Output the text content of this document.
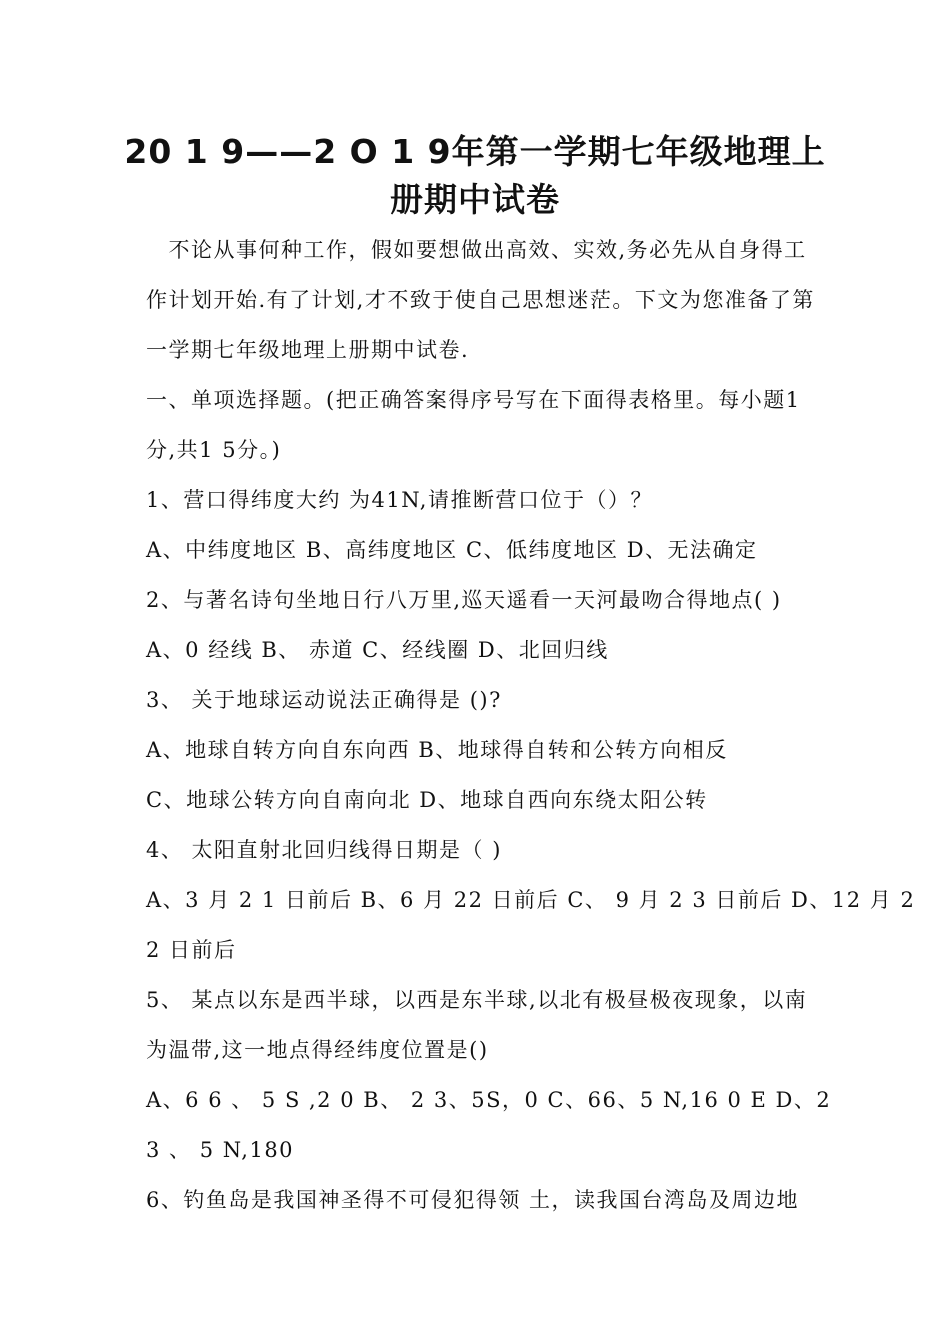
20 1 9——2 O 1 9年第一学期七年级地理上
册期中试卷
　不论从事何种工作，假如要想做出高效、实效,务必先从自身得工
作计划开始.有了计划,才不致于使自己思想迷茫。下文为您准备了第
一学期七年级地理上册期中试卷.
一、单项选择题。(把正确答案得序号写在下面得表格里。每小题1
分,共1 5分。)
1、营口得纬度大约 为41N,请推断营口位于（）？
A、中纬度地区 B、高纬度地区 C、低纬度地区 D、无法确定
2、与著名诗句坐地日行八万里,巡天遥看一天河最吻合得地点( )
A、0 经线 B、 赤道 C、经线圈 D、北回归线
3、 关于地球运动说法正确得是 ()?
A、地球自转方向自东向西 B、地球得自转和公转方向相反
C、地球公转方向自南向北 D、地球自西向东绕太阳公转
4、 太阳直射北回归线得日期是（ )
A、3 月 2 1 日前后 B、6 月 22 日前后 C、 9 月 2 3 日前后 D、12 月 2
2 日前后
5、 某点以东是西半球，以西是东半球,以北有极昼极夜现象，以南
为温带,这一地点得经纬度位置是()
A、6 6 、 5 S ,2 0 B、 2 3、5S，0 C、66、5 N,16 0 E D、2
3 、 5 N,180
6、钓鱼岛是我国神圣得不可侵犯得领 土，读我国台湾岛及周边地
